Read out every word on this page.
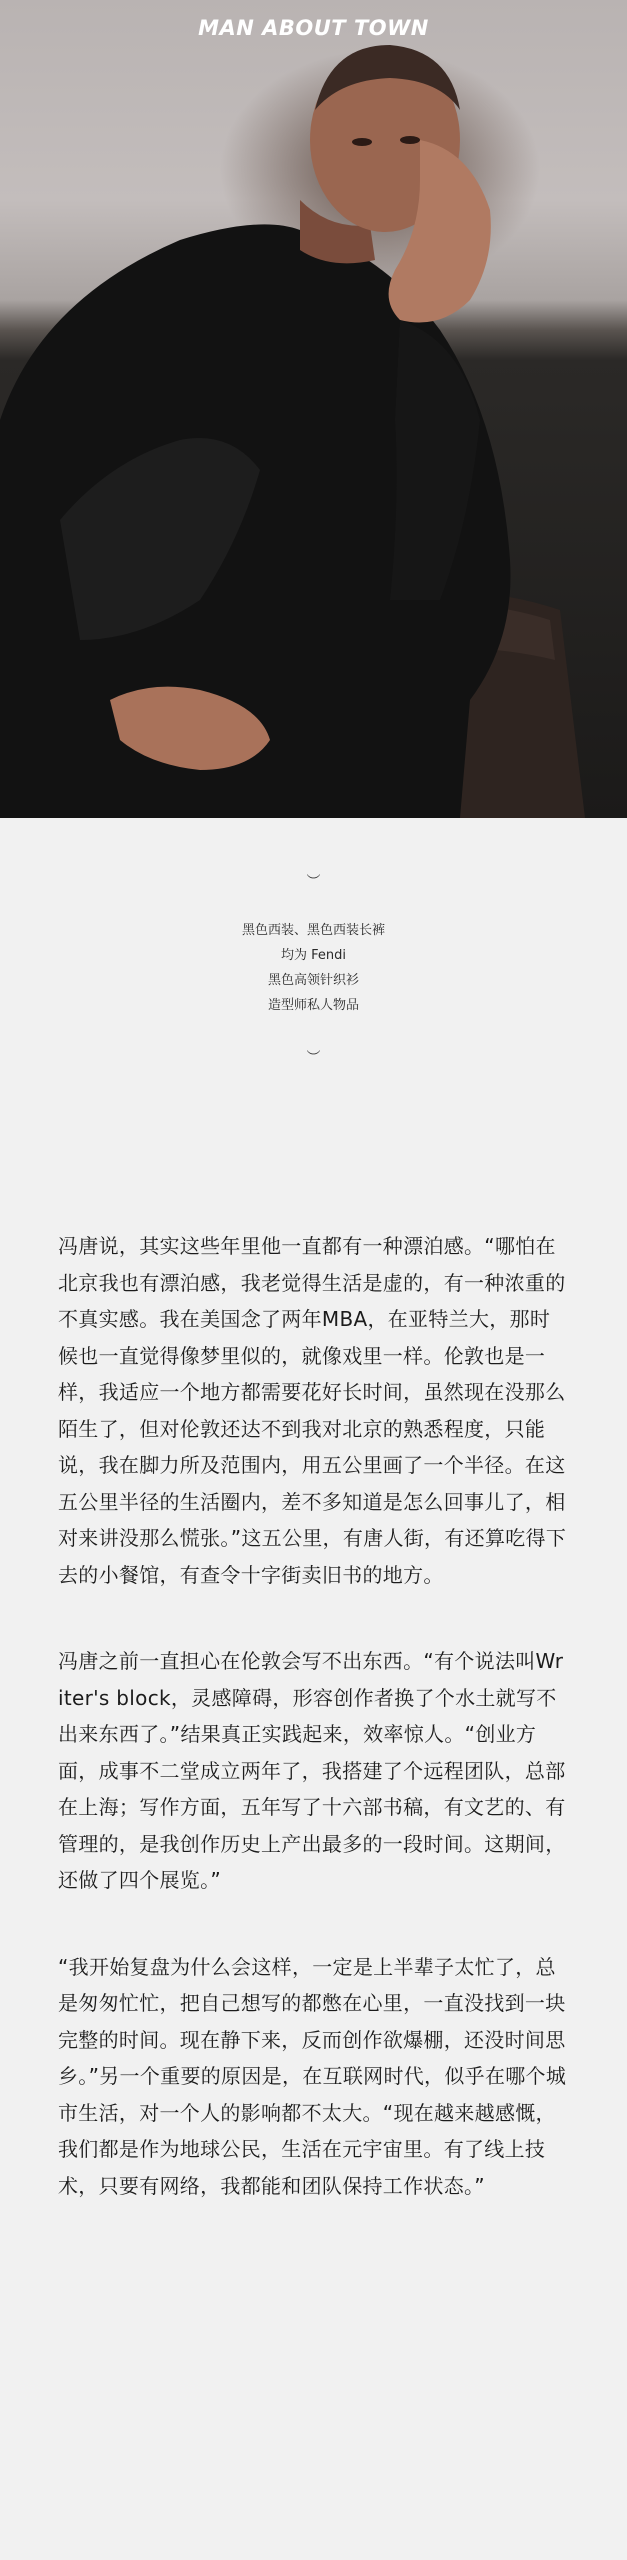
MAN ABOUT TOWN
︶
黑色西装、黑色西装长裤
均为 Fendi
黑色高领针织衫
造型师私人物品
︶

冯唐说，其实这些年里他一直都有一种漂泊感。“哪怕在北京我也有漂泊感，我老觉得生活是虚的，有一种浓重的不真实感。我在美国念了两年MBA，在亚特兰大，那时候也一直觉得像梦里似的，就像戏里一样。伦敦也是一样，我适应一个地方都需要花好长时间，虽然现在没那么陌生了，但对伦敦还达不到我对北京的熟悉程度，只能说，我在脚力所及范围内，用五公里画了一个半径。在这五公里半径的生活圈内，差不多知道是怎么回事儿了，相对来讲没那么慌张。”这五公里，有唐人街，有还算吃得下去的小餐馆，有查令十字街卖旧书的地方。

冯唐之前一直担心在伦敦会写不出东西。“有个说法叫Writer's block，灵感障碍，形容创作者换了个水土就写不出来东西了。”结果真正实践起来，效率惊人。“创业方面，成事不二堂成立两年了，我搭建了个远程团队，总部在上海；写作方面，五年写了十六部书稿，有文艺的、有管理的，是我创作历史上产出最多的一段时间。这期间，还做了四个展览。”

“我开始复盘为什么会这样，一定是上半辈子太忙了，总是匆匆忙忙，把自己想写的都憋在心里，一直没找到一块完整的时间。现在静下来，反而创作欲爆棚，还没时间思乡。”另一个重要的原因是，在互联网时代，似乎在哪个城市生活，对一个人的影响都不太大。“现在越来越感慨，我们都是作为地球公民，生活在元宇宙里。有了线上技术，只要有网络，我都能和团队保持工作状态。”
